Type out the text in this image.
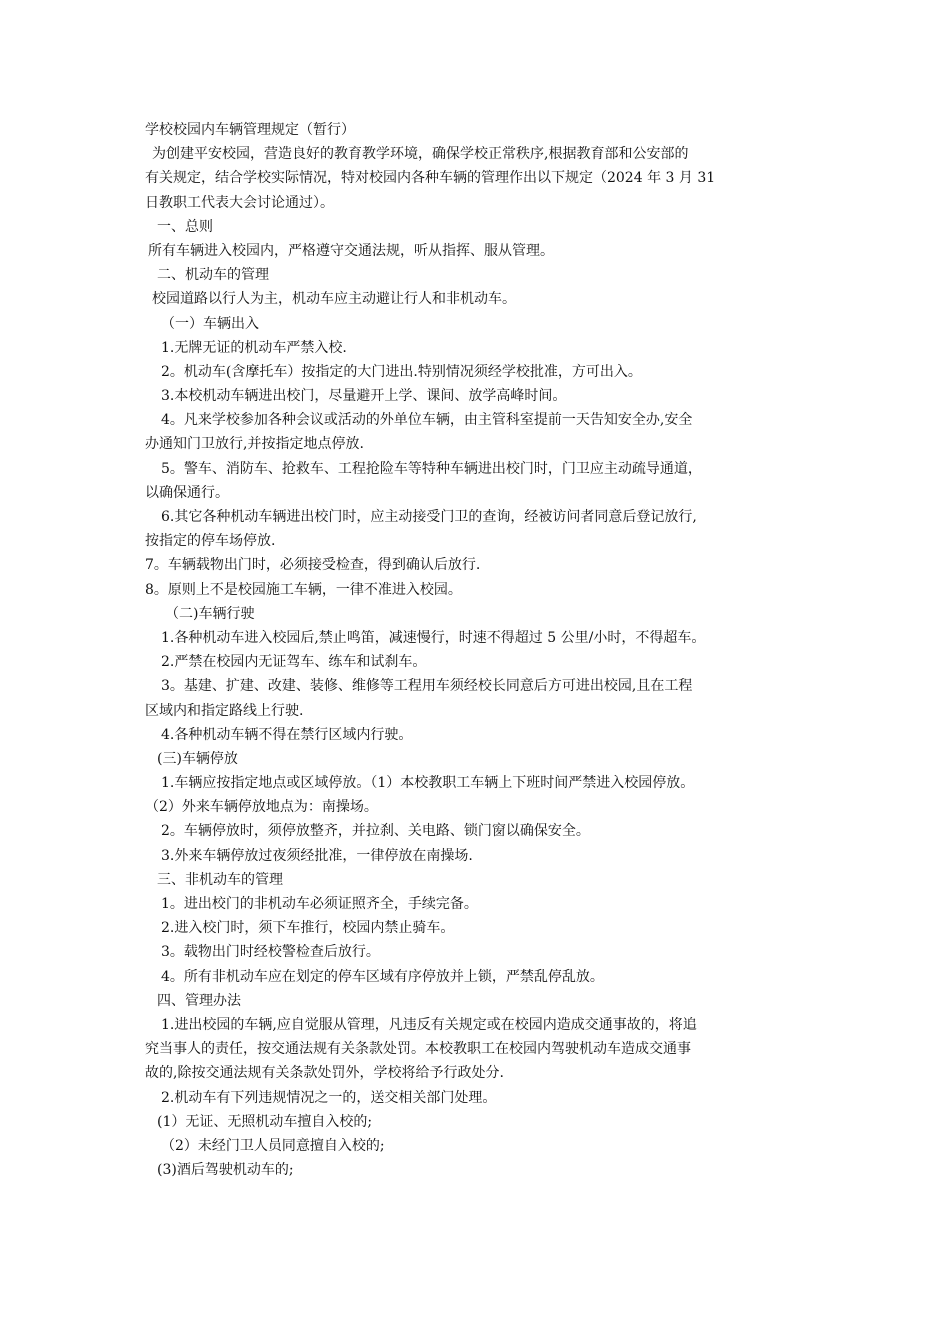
学校校园内车辆管理规定（暂行）
为创建平安校园，营造良好的教育教学环境，确保学校正常秩序,根据教育部和公安部的
有关规定，结合学校实际情况，特对校园内各种车辆的管理作出以下规定（2024 年 3 月 31
日教职工代表大会讨论通过）。
一、总则
所有车辆进入校园内，严格遵守交通法规，听从指挥、服从管理。
二、机动车的管理
校园道路以行人为主，机动车应主动避让行人和非机动车。
（一）车辆出入
1.无牌无证的机动车严禁入校.
2。机动车(含摩托车）按指定的大门进出.特别情况须经学校批准，方可出入。
3.本校机动车辆进出校门，尽量避开上学、课间、放学高峰时间。
4。凡来学校参加各种会议或活动的外单位车辆，由主管科室提前一天告知安全办,安全
办通知门卫放行,并按指定地点停放.
5。警车、消防车、抢救车、工程抢险车等特种车辆进出校门时，门卫应主动疏导通道，
以确保通行。
6.其它各种机动车辆进出校门时，应主动接受门卫的查询，经被访问者同意后登记放行,
按指定的停车场停放.
7。车辆载物出门时，必须接受检查，得到确认后放行.
8。原则上不是校园施工车辆，一律不准进入校园。
（二)车辆行驶
1.各种机动车进入校园后,禁止鸣笛，减速慢行，时速不得超过 5 公里/小时，不得超车。
2.严禁在校园内无证驾车、练车和试刹车。
3。基建、扩建、改建、装修、维修等工程用车须经校长同意后方可进出校园,且在工程
区域内和指定路线上行驶.
4.各种机动车辆不得在禁行区域内行驶。
(三)车辆停放
1.车辆应按指定地点或区域停放。（1）本校教职工车辆上下班时间严禁进入校园停放。
（2）外来车辆停放地点为：南操场。
2。车辆停放时，须停放整齐，并拉刹、关电路、锁门窗以确保安全。
3.外来车辆停放过夜须经批准，一律停放在南操场.
三、非机动车的管理
1。进出校门的非机动车必须证照齐全，手续完备。
2.进入校门时，须下车推行，校园内禁止骑车。
3。载物出门时经校警检查后放行。
4。所有非机动车应在划定的停车区域有序停放并上锁，严禁乱停乱放。
四、管理办法
1.进出校园的车辆,应自觉服从管理，凡违反有关规定或在校园内造成交通事故的，将追
究当事人的责任，按交通法规有关条款处罚。本校教职工在校园内驾驶机动车造成交通事
故的,除按交通法规有关条款处罚外，学校将给予行政处分.
2.机动车有下列违规情况之一的，送交相关部门处理。
(1）无证、无照机动车擅自入校的;
（2）未经门卫人员同意擅自入校的;
(3)酒后驾驶机动车的;
